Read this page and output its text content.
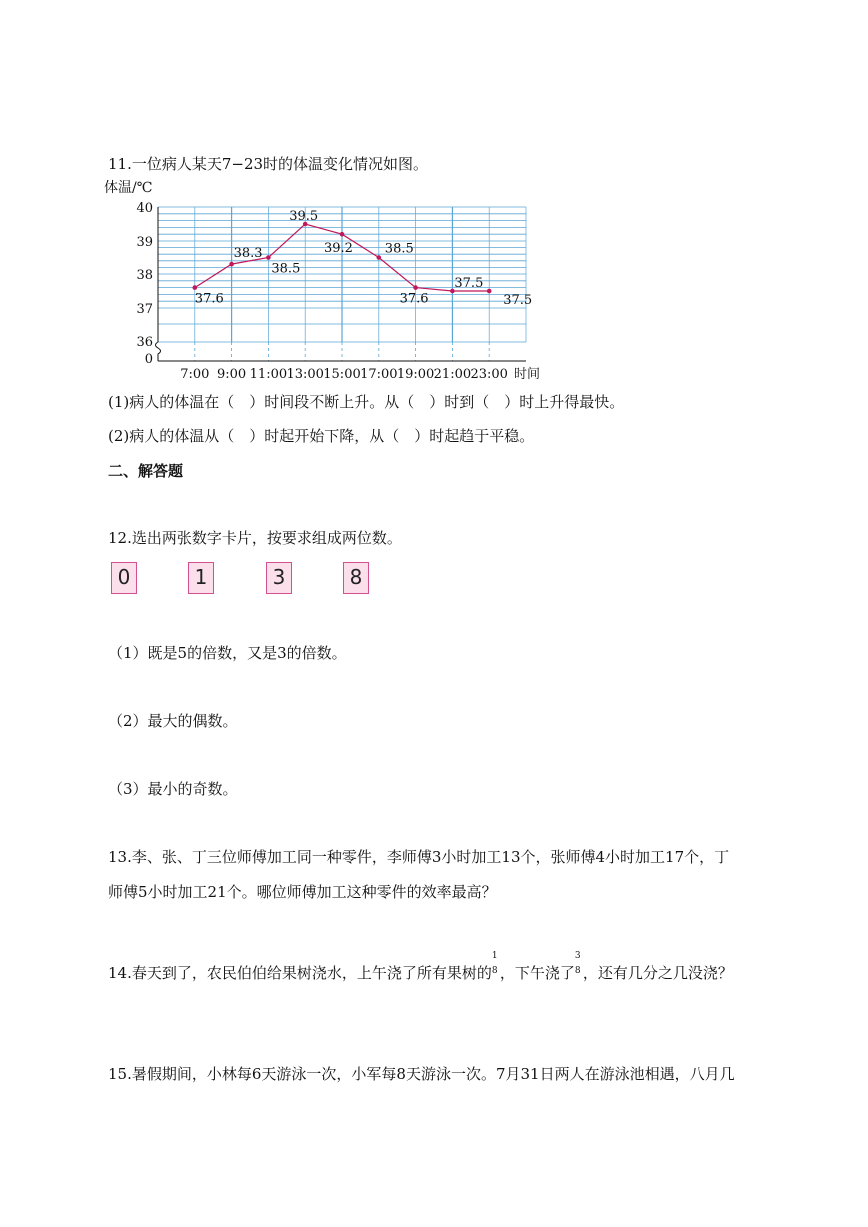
11.一位病人某天7−23时的体温变化情况如图。
体温/℃
40
39
38
37
36
0
7:00 9:00 11:00 13:00 15:00 17:00 19:00 21:00 23:00 时间
37.6
38.3
38.5
39.5
39.2 38.5
37.6
37.5
37.5
(1)病人的体温在（　）时间段不断上升。从（　）时到（　）时上升得最快。
(2)病人的体温从（　）时起开始下降，从（　）时起趋于平稳。
二、解答题
12.选出两张数字卡片，按要求组成两位数。
0	1	3	8
（1）既是5的倍数，又是3的倍数。
（2）最大的偶数。
（3）最小的奇数。
13.李、张、丁三位师傅加工同一种零件，李师傅3小时加工13个，张师傅4小时加工17个，丁
师傅5小时加工21个。哪位师傅加工这种零件的效率最高？
14.春天到了，农民伯伯给果树浇水，上午浇了所有果树的
1
8 ，下午浇了
3
8 ，还有几分之几没浇？
15.暑假期间，小林每6天游泳一次，小军每8天游泳一次。7月31日两人在游泳池相遇，八月几
